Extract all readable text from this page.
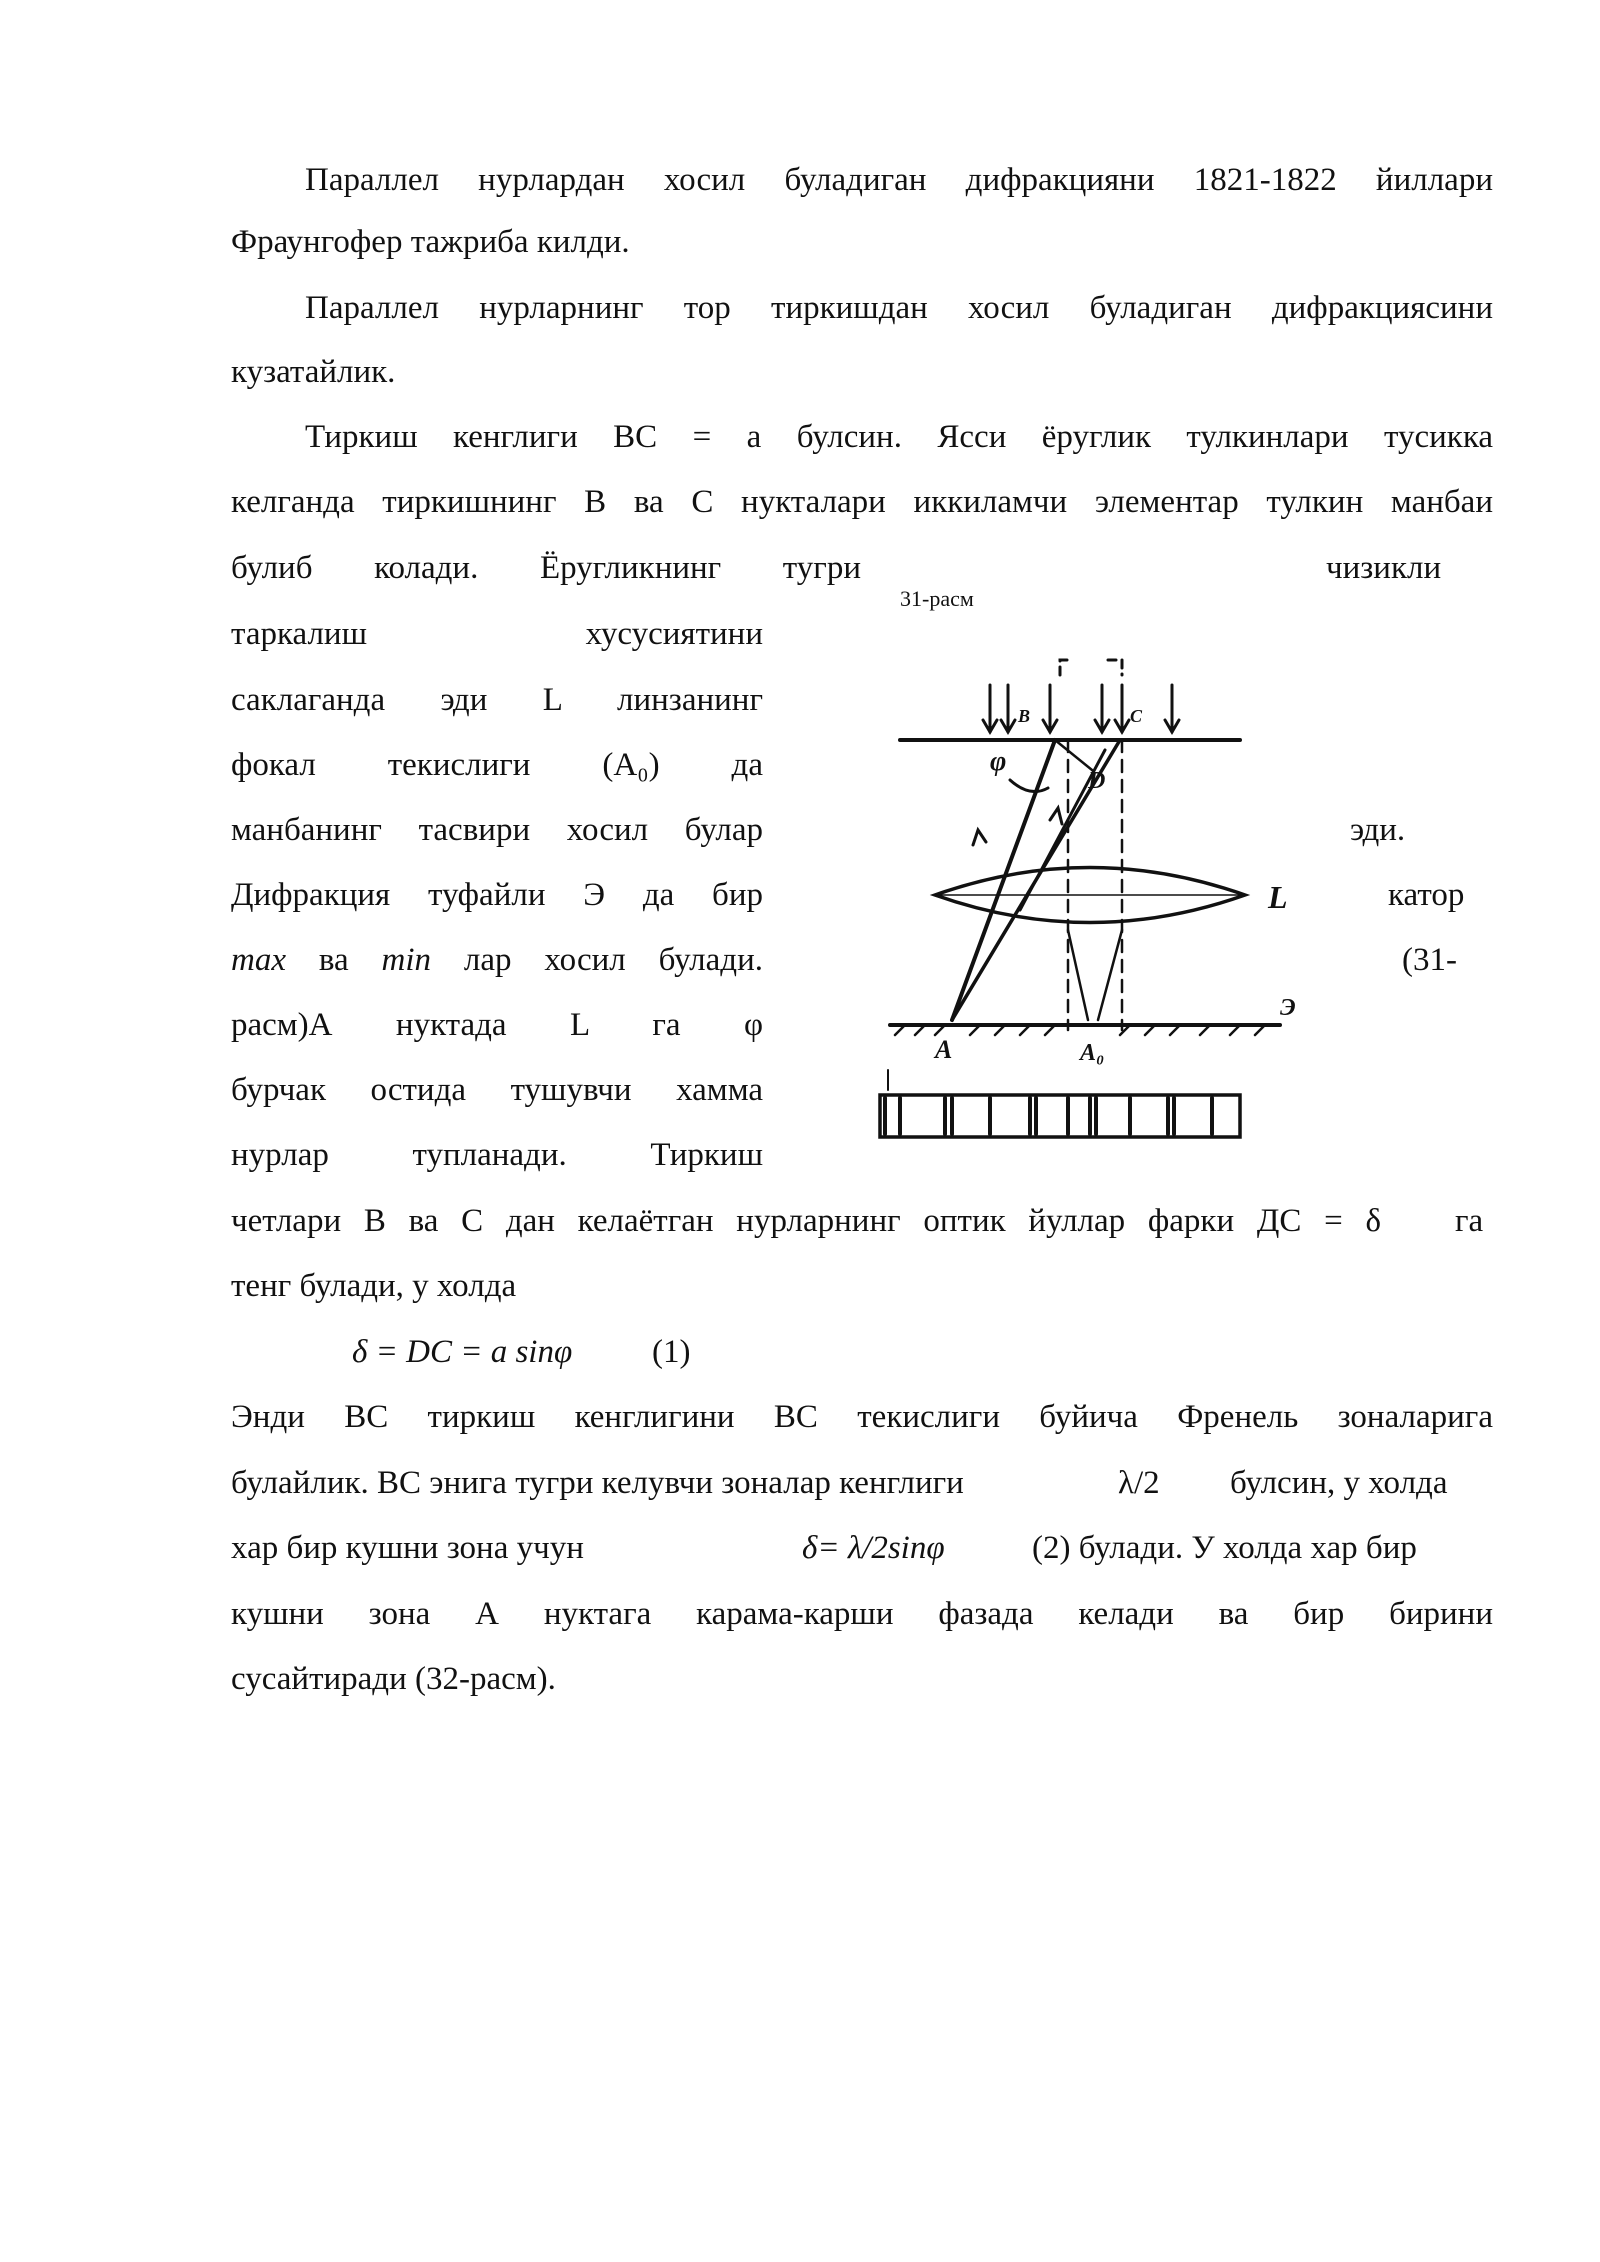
Параллел нурлардан хосил буладиган дифракцияни 1821-1822 йиллари
Фраунгофер тажриба килди.
Параллел нурларнинг тор тиркишдан хосил буладиган дифракциясини
кузатайлик.
Тиркиш кенглиги ВС = а булсин. Ясси ёруглик тулкинлари тусикка
келганда тиркишнинг В ва С нукталари иккиламчи элементар тулкин манбаи
булиб колади. Ёругликнинг тугри	чизикли
таркалиш хусусиятини
саклаганда эди L линзанинг
фокал текислиги (А₀) да
манбанинг тасвири хосил булар	эди.
Дифракция туфайли Э да бир	катор
max ва min лар хосил булади.	(31-
расм)А нуктада L га φ
бурчак остида тушувчи хамма
нурлар тупланади. Тиркиш
четлари В ва С дан келаётган нурларнинг оптик йуллар фарки ДС = δ га
тенг булади, у холда
δ = DC = a sinφ (1)
Энди ВС тиркиш кенглигини ВС текислиги буйича Френель зоналарига
булайлик. ВС энига тугри келувчи зоналар кенглиги	λ/2 булсин, у холда
хар бир кушни зона учун	δ= λ/2sinφ	(2) булади. У холда хар бир
кушни зона А нуктага карама-карши фазада келади ва бир бирини
сусайтиради (32-расм).
31-расм
B	C
φ
D
L
A	A₀
Э
